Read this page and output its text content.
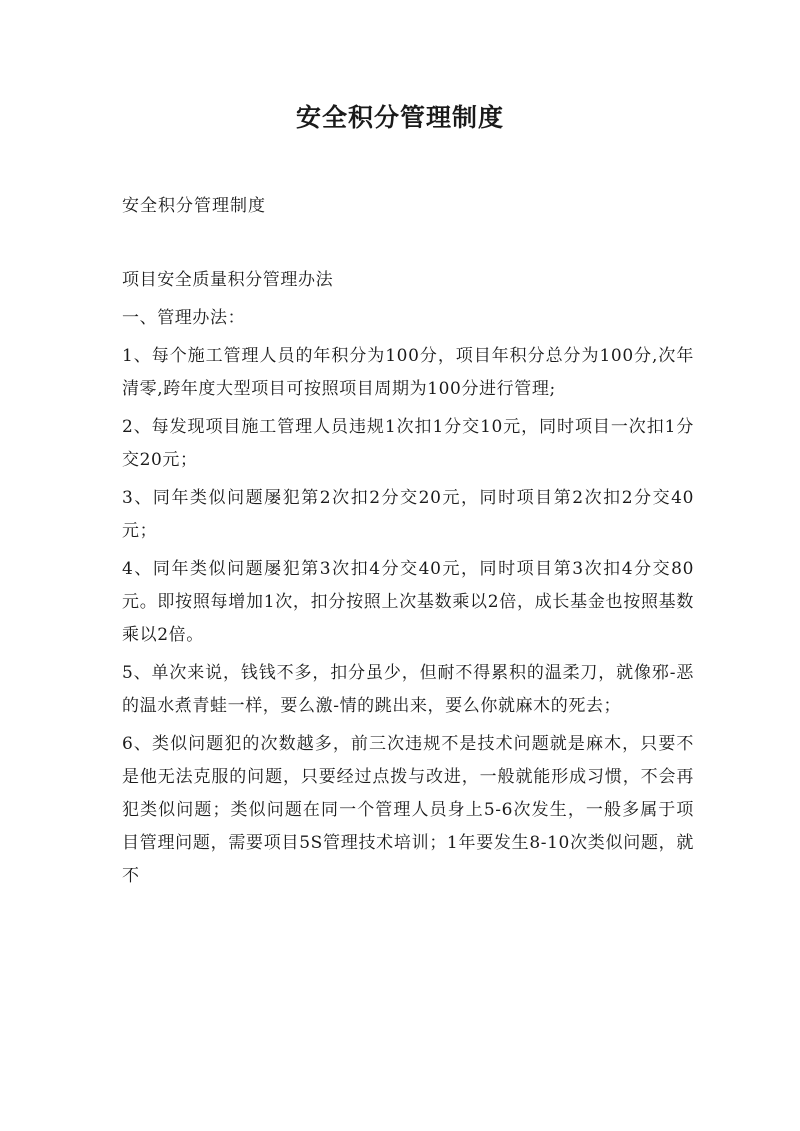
安全积分管理制度

安全积分管理制度

项目安全质量积分管理办法

一、管理办法：

1、每个施工管理人员的年积分为100分，项目年积分总分为100分,次年清零,跨年度大型项目可按照项目周期为100分进行管理;

2、每发现项目施工管理人员违规1次扣1分交10元，同时项目一次扣1分交20元；

3、同年类似问题屡犯第2次扣2分交20元，同时项目第2次扣2分交40元；

4、同年类似问题屡犯第3次扣4分交40元，同时项目第3次扣4分交80元。即按照每增加1次，扣分按照上次基数乘以2倍，成长基金也按照基数乘以2倍。

5、单次来说，钱钱不多，扣分虽少，但耐不得累积的温柔刀，就像邪-恶的温水煮青蛙一样，要么激-情的跳出来，要么你就麻木的死去；

6、类似问题犯的次数越多，前三次违规不是技术问题就是麻木，只要不是他无法克服的问题，只要经过点拨与改进，一般就能形成习惯，不会再犯类似问题；类似问题在同一个管理人员身上5-6次发生，一般多属于项目管理问题，需要项目5S管理技术培训；1年要发生8-10次类似问题，就不
